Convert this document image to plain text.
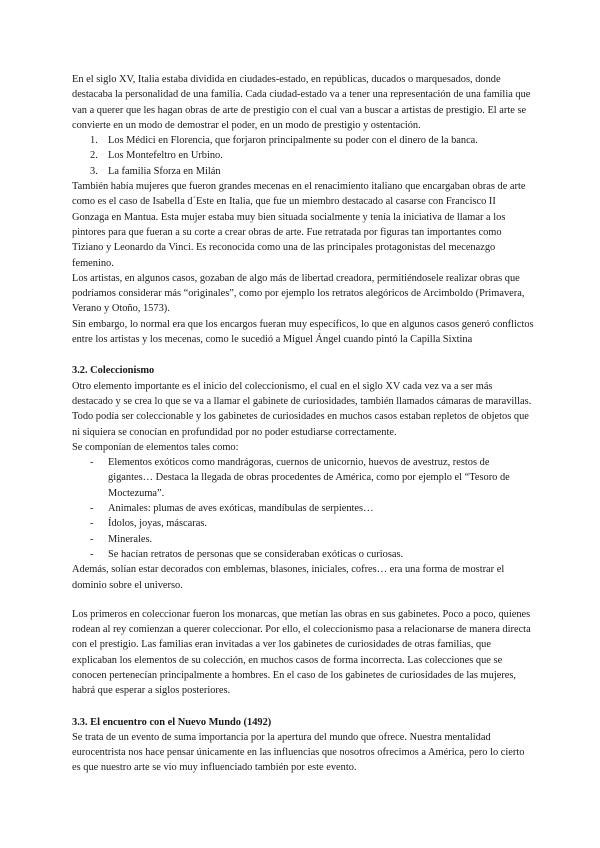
En el siglo XV, Italia estaba dividida en ciudades-estado, en repúblicas, ducados o marquesados, donde destacaba la personalidad de una familia. Cada ciudad-estado va a tener una representación de una familia que van a querer que les hagan obras de arte de prestigio con el cual van a buscar a artistas de prestigio. El arte se convierte en un modo de demostrar el poder, en un modo de prestigio y ostentación.

1. Los Médici en Florencia, que forjaron principalmente su poder con el dinero de la banca.
2. Los Montefeltro en Urbino.
3. La familia Sforza en Milán

También había mujeres que fueron grandes mecenas en el renacimiento italiano que encargaban obras de arte como es el caso de Isabella d´Este en Italia, que fue un miembro destacado al casarse con Francisco II Gonzaga en Mantua. Esta mujer estaba muy bien situada socialmente y tenía la iniciativa de llamar a los pintores para que fueran a su corte a crear obras de arte. Fue retratada por figuras tan importantes como Tiziano y Leonardo da Vinci. Es reconocida como una de las principales protagonistas del mecenazgo femenino.

Los artistas, en algunos casos, gozaban de algo más de libertad creadora, permitiéndosele realizar obras que podríamos considerar más “originales”, como por ejemplo los retratos alegóricos de Arcimboldo (Primavera, Verano y Otoño, 1573).

Sin embargo, lo normal era que los encargos fueran muy específicos, lo que en algunos casos generó conflictos entre los artistas y los mecenas, como le sucedió a Miguel Ángel cuando pintó la Capilla Sixtina

3.2. Coleccionismo

Otro elemento importante es el inicio del coleccionismo, el cual en el siglo XV cada vez va a ser más destacado y se crea lo que se va a llamar el gabinete de curiosidades, también llamados cámaras de maravillas. Todo podía ser coleccionable y los gabinetes de curiosidades en muchos casos estaban repletos de objetos que ni siquiera se conocían en profundidad por no poder estudiarse correctamente.

Se componían de elementos tales como:

- Elementos exóticos como mandrágoras, cuernos de unicornio, huevos de avestruz, restos de gigantes… Destaca la llegada de obras procedentes de América, como por ejemplo el “Tesoro de Moctezuma”.
- Animales: plumas de aves exóticas, mandíbulas de serpientes…
- Ídolos, joyas, máscaras.
- Minerales.
- Se hacían retratos de personas que se consideraban exóticas o curiosas.

Además, solían estar decorados con emblemas, blasones, iniciales, cofres… era una forma de mostrar el dominio sobre el universo.

Los primeros en coleccionar fueron los monarcas, que metían las obras en sus gabinetes. Poco a poco, quienes rodean al rey comienzan a querer coleccionar. Por ello, el coleccionismo pasa a relacionarse de manera directa con el prestigio. Las familias eran invitadas a ver los gabinetes de curiosidades de otras familias, que explicaban los elementos de su colección, en muchos casos de forma incorrecta. Las colecciones que se conocen pertenecían principalmente a hombres. En el caso de los gabinetes de curiosidades de las mujeres, habrá que esperar a siglos posteriores.

3.3. El encuentro con el Nuevo Mundo (1492)

Se trata de un evento de suma importancia por la apertura del mundo que ofrece. Nuestra mentalidad eurocentrista nos hace pensar únicamente en las influencias que nosotros ofrecimos a América, pero lo cierto es que nuestro arte se vio muy influenciado también por este evento.
